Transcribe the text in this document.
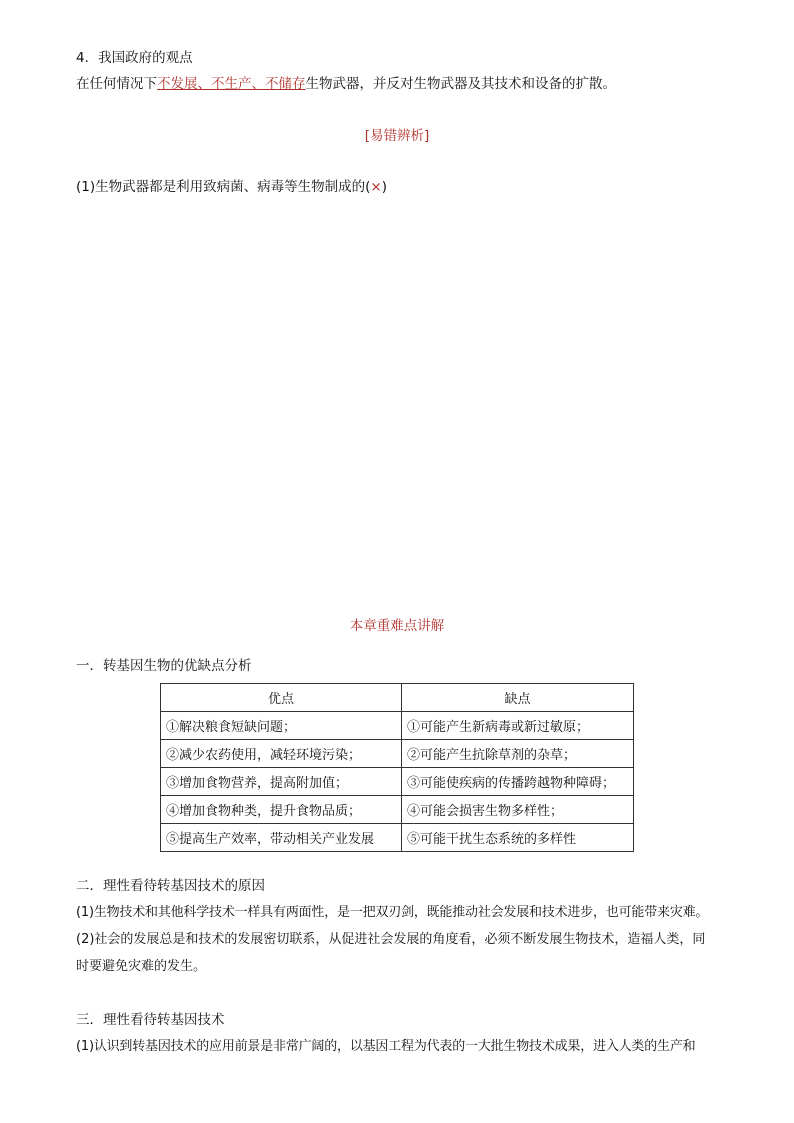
4．我国政府的观点
在任何情况下不发展、不生产、不储存生物武器，并反对生物武器及其技术和设备的扩散。
[易错辨析]
(1)生物武器都是利用致病菌、病毒等生物制成的(×)
本章重难点讲解
一．转基因生物的优缺点分析
优点	缺点
①解决粮食短缺问题；	①可能产生新病毒或新过敏原；
②减少农药使用，减轻环境污染；	②可能产生抗除草剂的杂草；
③增加食物营养，提高附加值；	③可能使疾病的传播跨越物种障碍；
④增加食物种类，提升食物品质；	④可能会损害生物多样性；
⑤提高生产效率，带动相关产业发展	⑤可能干扰生态系统的多样性
二．理性看待转基因技术的原因
(1)生物技术和其他科学技术一样具有两面性，是一把双刃剑，既能推动社会发展和技术进步，也可能带来灾难。
(2)社会的发展总是和技术的发展密切联系，从促进社会发展的角度看，必须不断发展生物技术，造福人类，同
时要避免灾难的发生。
三．理性看待转基因技术
(1)认识到转基因技术的应用前景是非常广阔的，以基因工程为代表的一大批生物技术成果，进入人类的生产和
